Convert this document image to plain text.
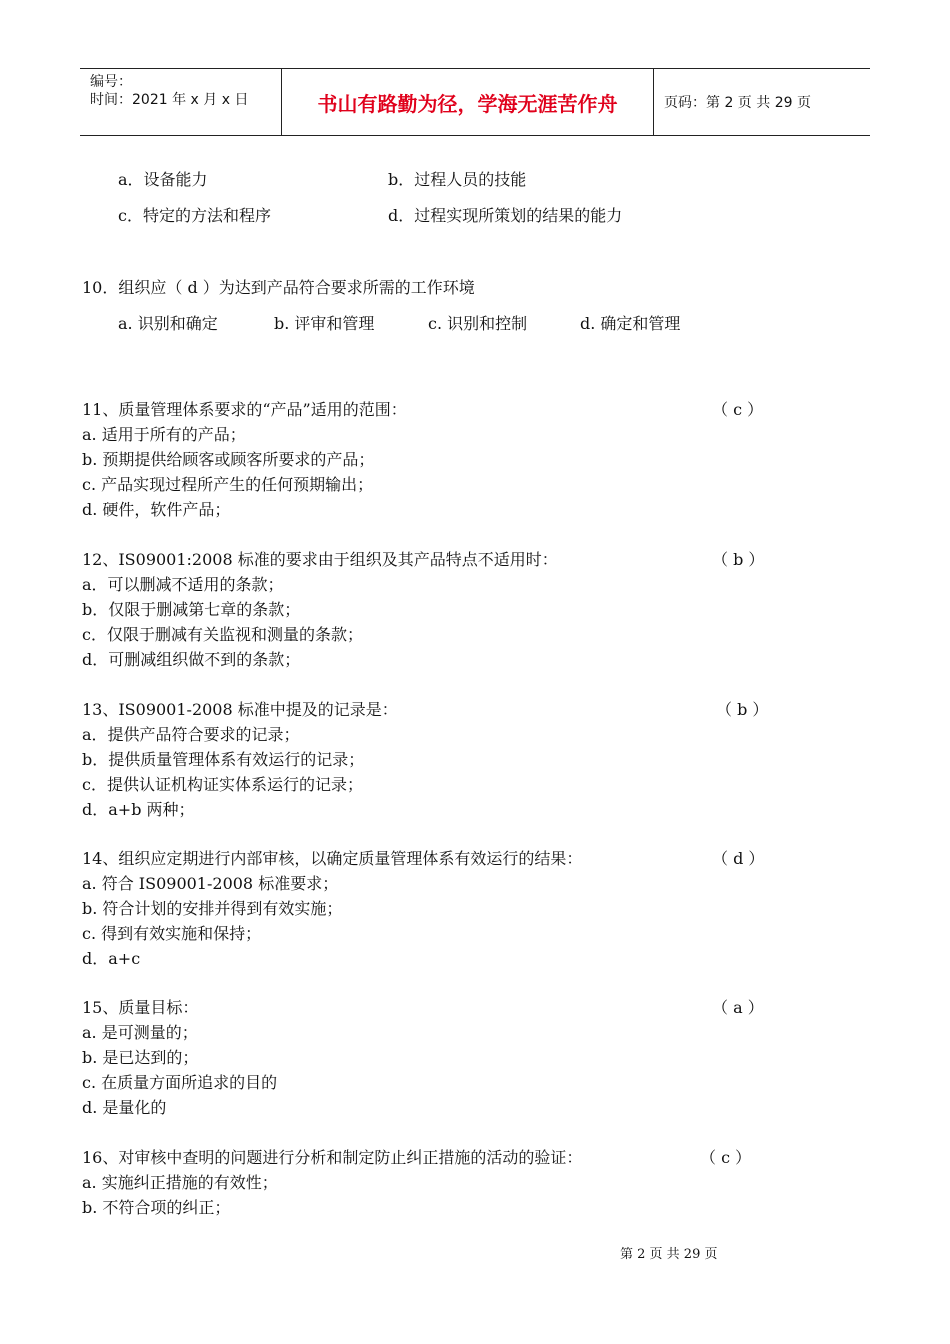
编号：
时间：2021 年 x 月 x 日	书山有路勤为径，学海无涯苦作舟	页码：第 2 页 共 29 页
a．设备能力	b．过程人员的技能
c．特定的方法和程序	d．过程实现所策划的结果的能力
10．组织应（ d ）为达到产品符合要求所需的工作环境
a. 识别和确定	b. 评审和管理	c. 识别和控制	d. 确定和管理
11、质量管理体系要求的“产品”适用的范围：	（ c ）
a. 适用于所有的产品；
b. 预期提供给顾客或顾客所要求的产品；
c. 产品实现过程所产生的任何预期输出；
d. 硬件，软件产品；
12、IS09001:2008 标准的要求由于组织及其产品特点不适用时：	（ b ）
a．可以删减不适用的条款；
b．仅限于删减第七章的条款；
c．仅限于删减有关监视和测量的条款；
d．可删减组织做不到的条款；
13、IS09001-2008 标准中提及的记录是：	（ b ）
a．提供产品符合要求的记录；
b．提供质量管理体系有效运行的记录；
c．提供认证机构证实体系运行的记录；
d．a+b 两种；
14、组织应定期进行内部审核，以确定质量管理体系有效运行的结果：	（ d ）
a. 符合 IS09001-2008 标准要求；
b. 符合计划的安排并得到有效实施；
c. 得到有效实施和保持；
d．a+c
15、质量目标：	（ a ）
a. 是可测量的；
b. 是已达到的；
c. 在质量方面所追求的目的
d. 是量化的
16、对审核中查明的问题进行分析和制定防止纠正措施的活动的验证：	（ c ）
a. 实施纠正措施的有效性；
b. 不符合项的纠正；
第 2 页 共 29 页
